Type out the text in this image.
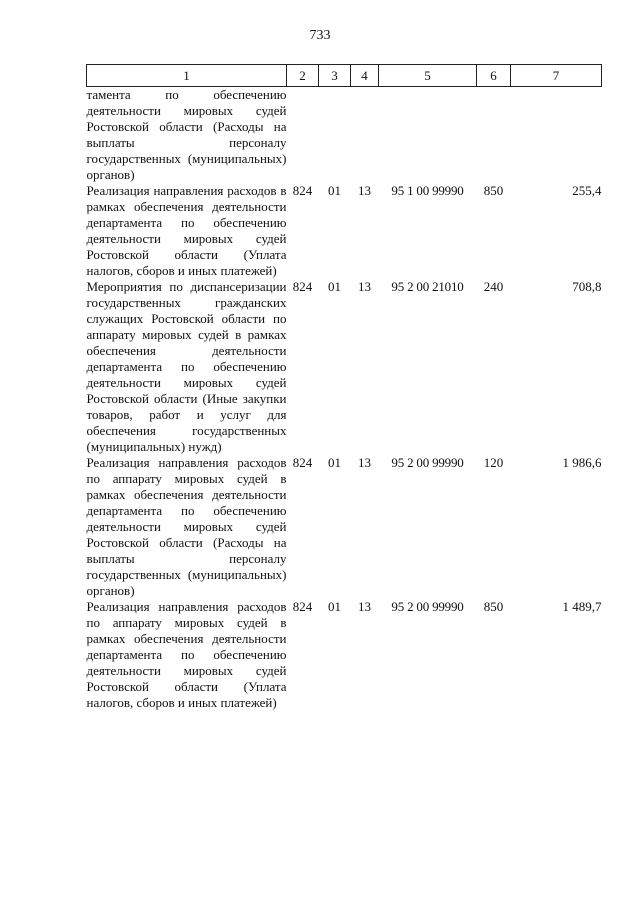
733
1	2	3	4	5	6	7
тамента по обеспечению деятельности мировых судей Ростовской области (Расходы на выплаты персоналу государственных (муниципальных) органов)						
Реализация направления расходов в рамках обеспечения деятельности департамента по обеспечению деятельности мировых судей Ростовской области (Уплата налогов, сборов и иных платежей)	824	01	13	95 1 00 99990	850	255,4
Мероприятия по диспансеризации государственных гражданских служащих Ростовской области по аппарату мировых судей в рамках обеспечения деятельности департамента по обеспечению деятельности мировых судей Ростовской области (Иные закупки товаров, работ и услуг для обеспечения государственных (муниципальных) нужд)	824	01	13	95 2 00 21010	240	708,8
Реализация направления расходов по аппарату мировых судей в рамках обеспечения деятельности департамента по обеспечению деятельности мировых судей Ростовской области (Расходы на выплаты персоналу государственных (муниципальных) органов)	824	01	13	95 2 00 99990	120	1 986,6
Реализация направления расходов по аппарату мировых судей в рамках обеспечения деятельности департамента по обеспечению деятельности мировых судей Ростовской области (Уплата налогов, сборов и иных платежей)	824	01	13	95 2 00 99990	850	1 489,7
